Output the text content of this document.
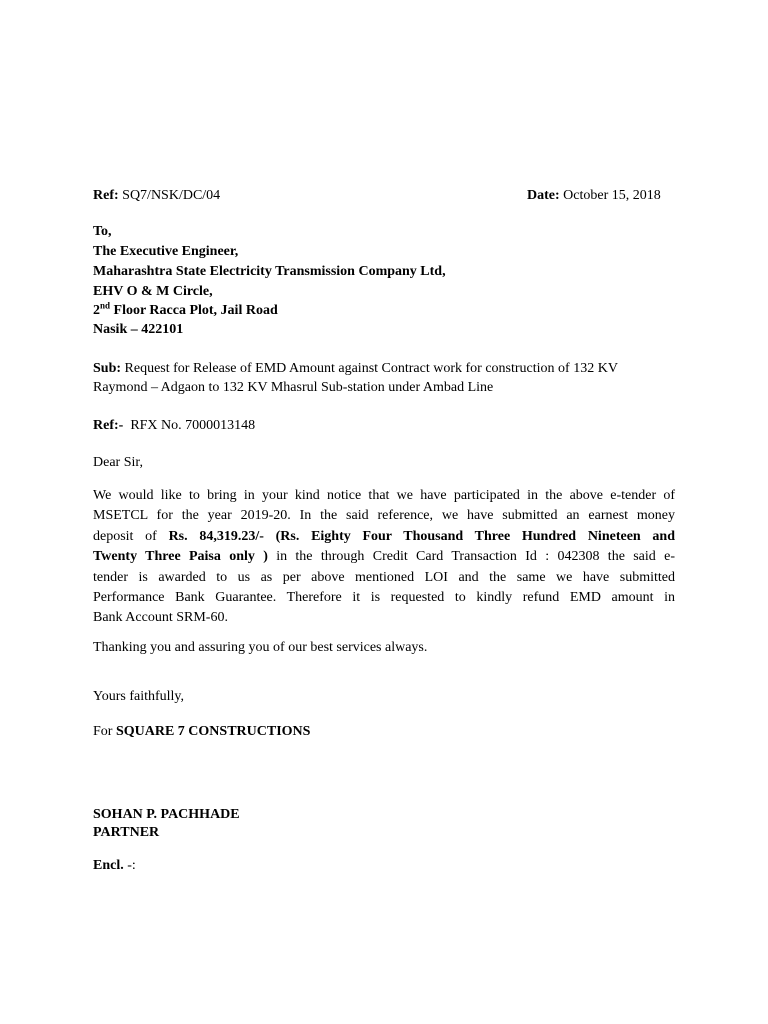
Ref: SQ7/NSK/DC/04	Date: October 15, 2018
To,
The Executive Engineer,
Maharashtra State Electricity Transmission Company Ltd,
EHV O & M Circle,
2nd Floor Racca Plot, Jail Road
Nasik – 422101
Sub: Request for Release of EMD Amount against Contract work for construction of 132 KV
Raymond – Adgaon to 132 KV Mhasrul Sub-station under Ambad Line
Ref:-  RFX No. 7000013148
Dear Sir,
We would like to bring in your kind notice that we have participated in the above e-tender of
MSETCL for the year 2019-20. In the said reference, we have submitted an earnest money
deposit of Rs. 84,319.23/- (Rs. Eighty Four Thousand Three Hundred Nineteen and
Twenty Three Paisa only ) in the through Credit Card Transaction Id : 042308 the said e-
tender is awarded to us as per above mentioned LOI and the same we have submitted
Performance Bank Guarantee. Therefore it is requested to kindly refund EMD amount in
Bank Account SRM-60.
Thanking you and assuring you of our best services always.
Yours faithfully,
For SQUARE 7 CONSTRUCTIONS
SOHAN P. PACHHADE
PARTNER
Encl. -:
